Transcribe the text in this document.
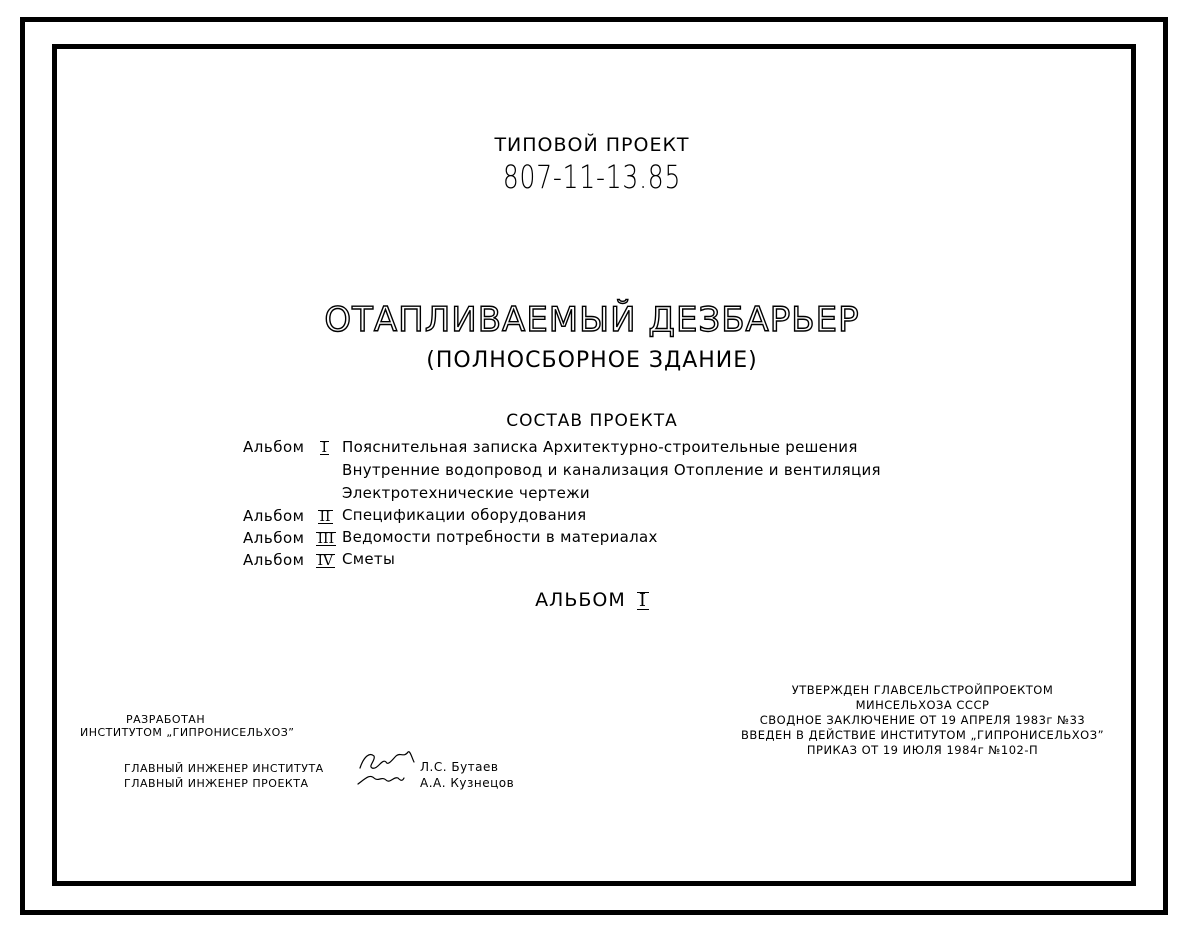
ТИПОВОЙ ПРОЕКТ
807-11-13.85
ОТАПЛИВАЕМЫЙ ДЕЗБАРЬЕР
(ПОЛНОСБОРНОЕ ЗДАНИЕ)
СОСТАВ ПРОЕКТА
Альбом I Пояснительная записка Архитектурно-строительные решения
Внутренние водопровод и канализация Отопление и вентиляция
Электротехнические чертежи
Альбом II Спецификации оборудования
Альбом III Ведомости потребности в материалах
Альбом IV Сметы
АЛЬБОМ I
РАЗРАБОТАН
ИНСТИТУТОМ „ГИПРОНИСЕЛЬХОЗ”
ГЛАВНЫЙ ИНЖЕНЕР ИНСТИТУТА
ГЛАВНЫЙ ИНЖЕНЕР ПРОЕКТА
Л.С. Бутаев
А.А. Кузнецов
УТВЕРЖДЕН ГЛАВСЕЛЬСТРОЙПРОЕКТОМ
МИНСЕЛЬХОЗА СССР
СВОДНОЕ ЗАКЛЮЧЕНИЕ ОТ 19 АПРЕЛЯ 1983г №33
ВВЕДЕН В ДЕЙСТВИЕ ИНСТИТУТОМ „ГИПРОНИСЕЛЬХОЗ”
ПРИКАЗ ОТ 19 ИЮЛЯ 1984г №102-П
